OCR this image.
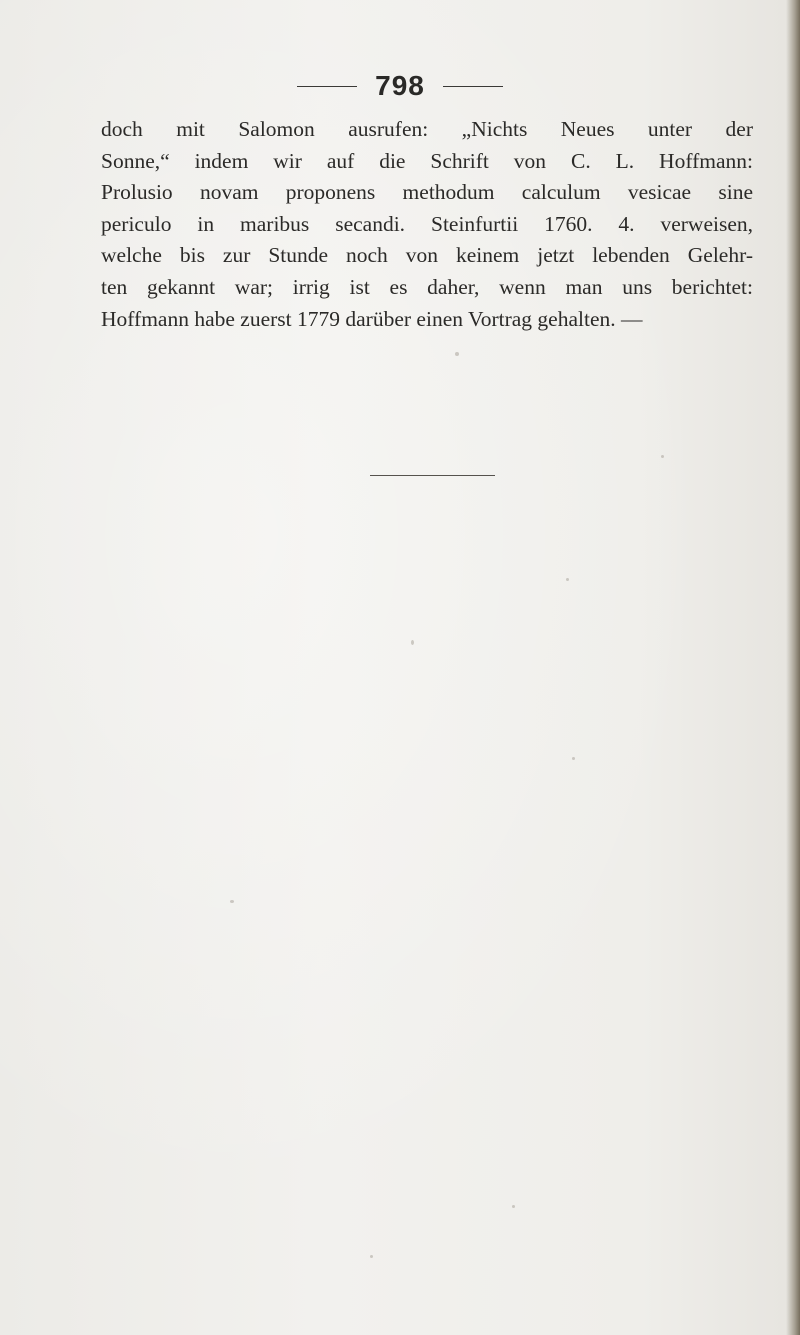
798
doch mit Salomon ausrufen: „Nichts Neues unter der
Sonne,“ indem wir auf die Schrift von C. L. Hoffmann:
Prolusio novam proponens methodum calculum vesicae sine
periculo in maribus secandi. Steinfurtii 1760. 4. verweisen,
welche bis zur Stunde noch von keinem jetzt lebenden Gelehr-
ten gekannt war; irrig ist es daher, wenn man uns berichtet:
Hoffmann habe zuerst 1779 darüber einen Vortrag gehalten. —
